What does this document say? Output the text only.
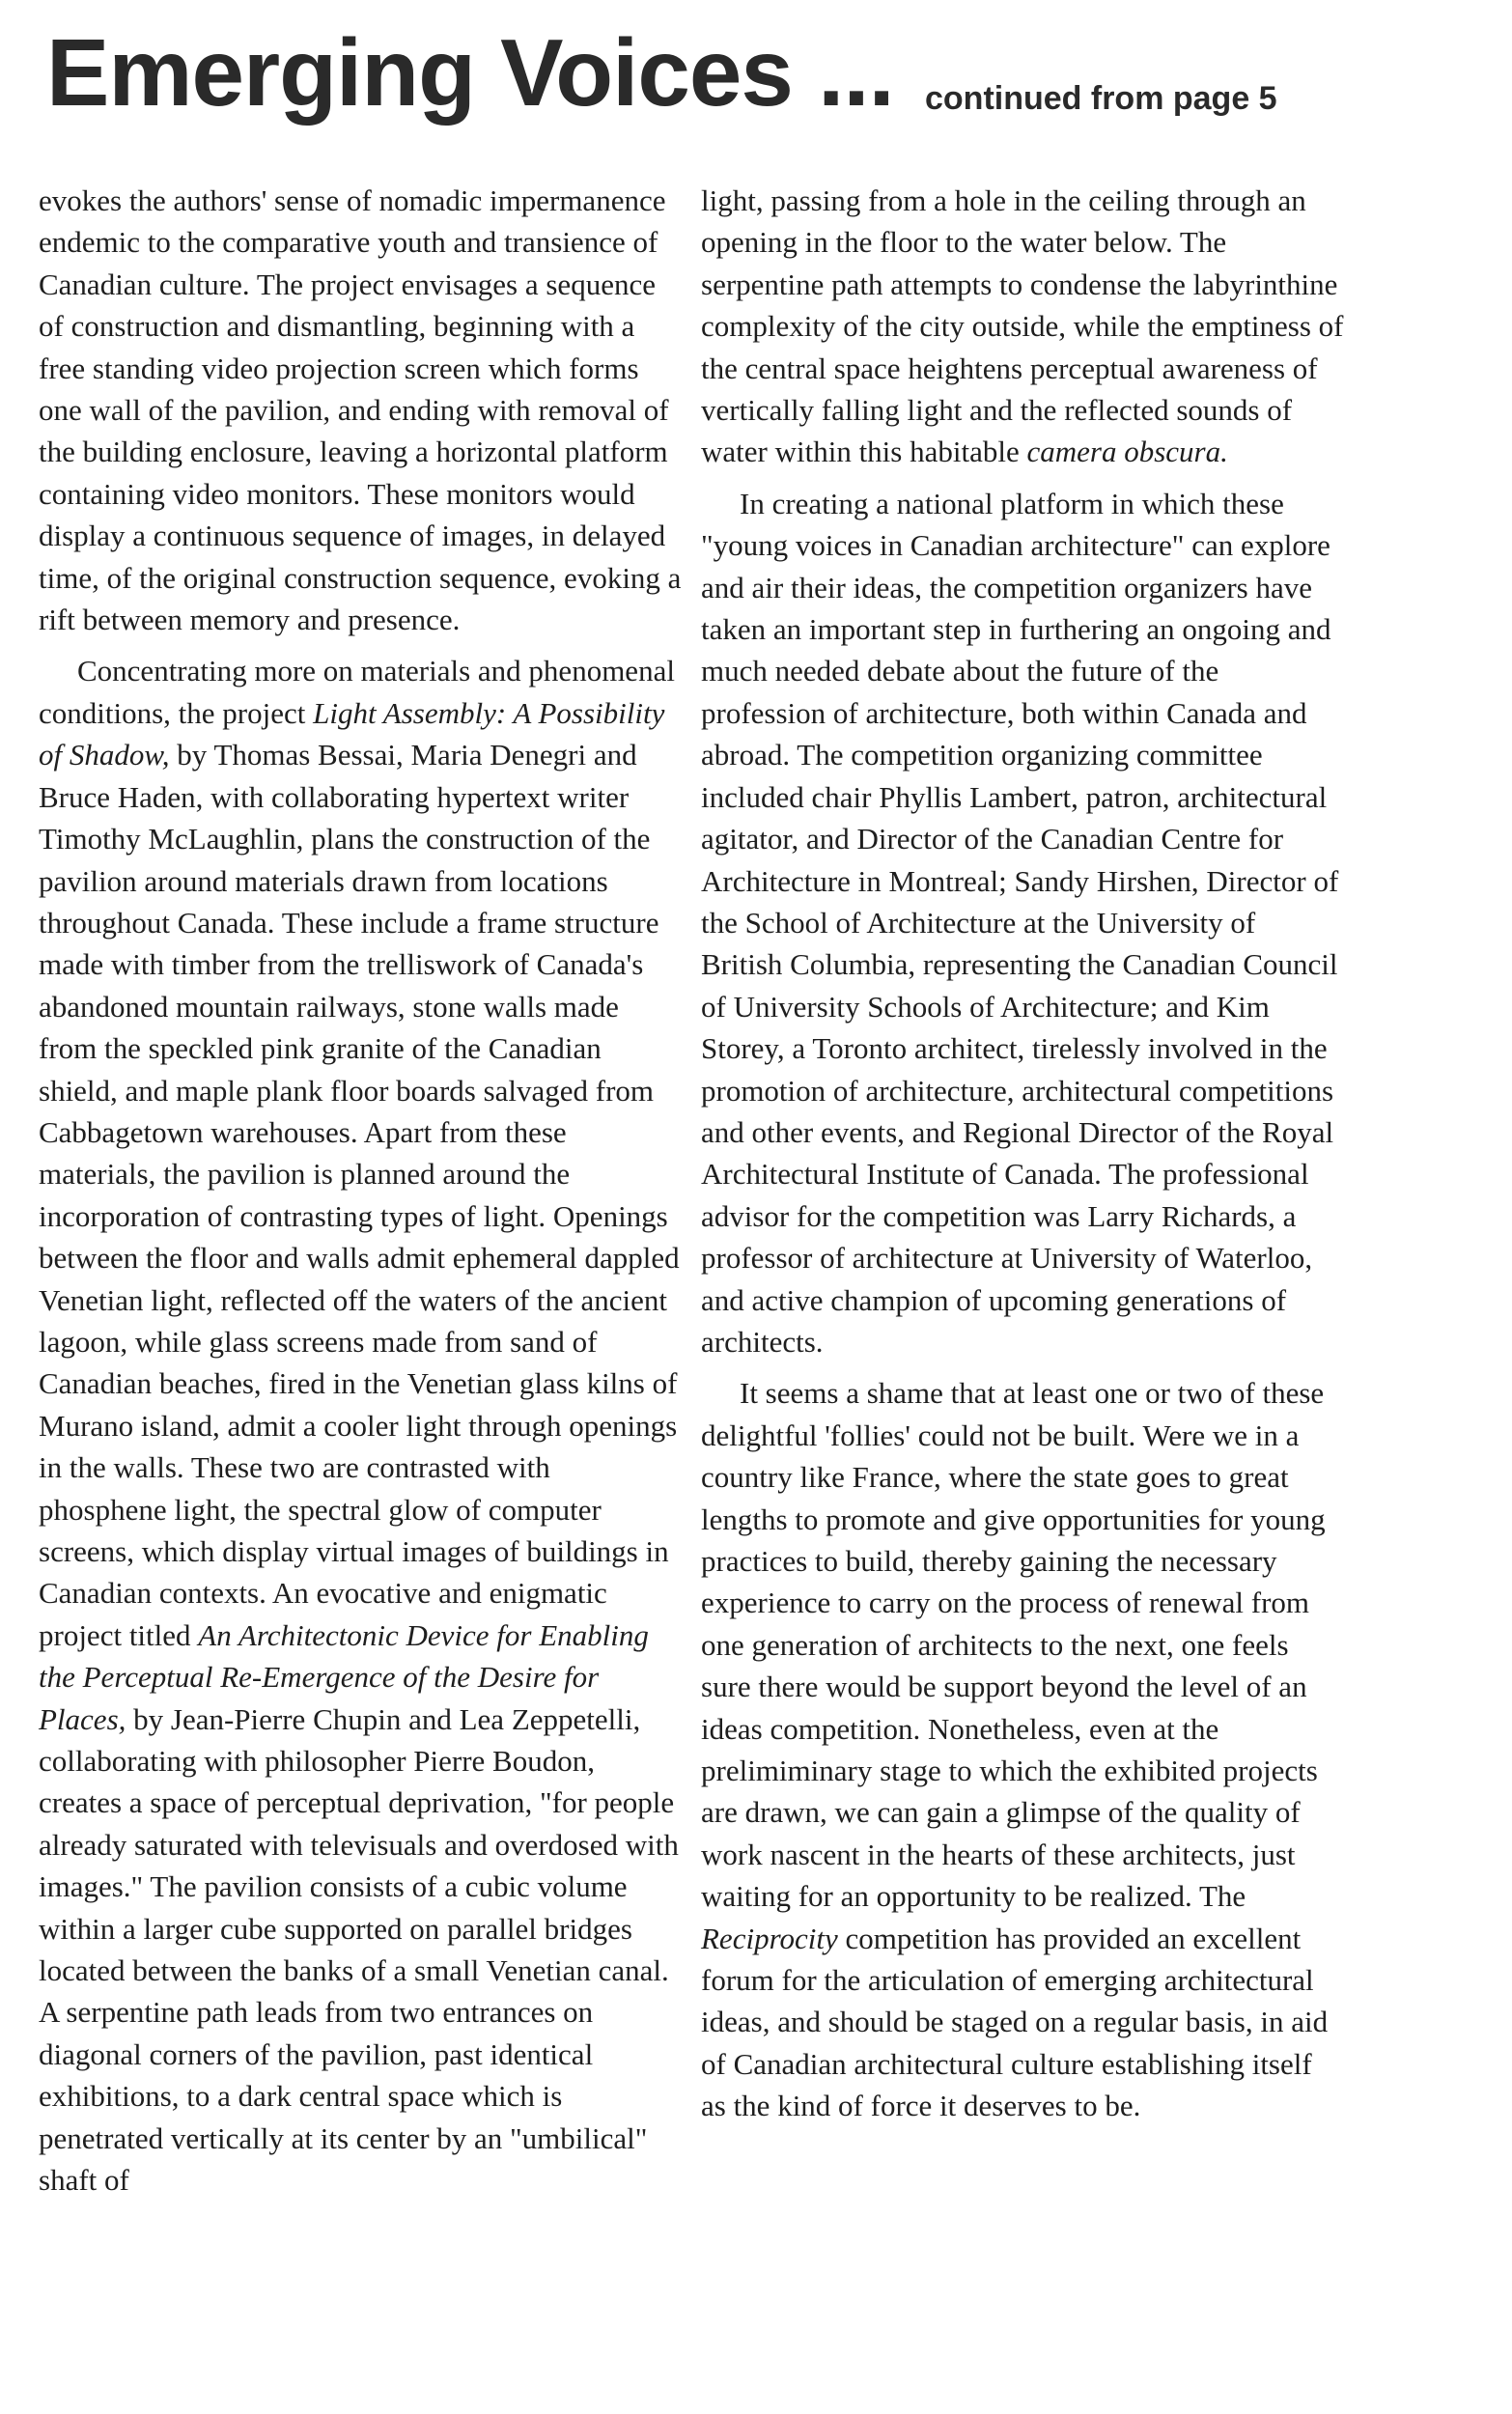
Emerging Voices ... continued from page 5

evokes the authors' sense of nomadic impermanence endemic to the comparative youth and transience of Canadian culture. The project envisages a sequence of construction and dismantling, beginning with a free standing video projection screen which forms one wall of the pavilion, and ending with removal of the building enclosure, leaving a horizontal platform containing video monitors. These monitors would display a continuous sequence of images, in delayed time, of the original construction sequence, evoking a rift between memory and presence.

Concentrating more on materials and phenomenal conditions, the project Light Assembly: A Possibility of Shadow, by Thomas Bessai, Maria Denegri and Bruce Haden, with collaborating hypertext writer Timothy McLaughlin, plans the construction of the pavilion around materials drawn from locations throughout Canada. These include a frame structure made with timber from the trelliswork of Canada's abandoned mountain railways, stone walls made from the speckled pink granite of the Canadian shield, and maple plank floor boards salvaged from Cabbagetown warehouses. Apart from these materials, the pavilion is planned around the incorporation of contrasting types of light. Openings between the floor and walls admit ephemeral dappled Venetian light, reflected off the waters of the ancient lagoon, while glass screens made from sand of Canadian beaches, fired in the Venetian glass kilns of Murano island, admit a cooler light through openings in the walls. These two are contrasted with phosphene light, the spectral glow of computer screens, which display virtual images of buildings in Canadian contexts. An evocative and enigmatic project titled An Architectonic Device for Enabling the Perceptual Re-Emergence of the Desire for Places, by Jean-Pierre Chupin and Lea Zeppetelli, collaborating with philosopher Pierre Boudon, creates a space of perceptual deprivation, "for people already saturated with televisuals and overdosed with images." The pavilion consists of a cubic volume within a larger cube supported on parallel bridges located between the banks of a small Venetian canal. A serpentine path leads from two entrances on diagonal corners of the pavilion, past identical exhibitions, to a dark central space which is penetrated vertically at its center by an "umbilical" shaft of

light, passing from a hole in the ceiling through an opening in the floor to the water below. The serpentine path attempts to condense the labyrinthine complexity of the city outside, while the emptiness of the central space heightens perceptual awareness of vertically falling light and the reflected sounds of water within this habitable camera obscura.

In creating a national platform in which these "young voices in Canadian architecture" can explore and air their ideas, the competition organizers have taken an important step in furthering an ongoing and much needed debate about the future of the profession of architecture, both within Canada and abroad. The competition organizing committee included chair Phyllis Lambert, patron, architectural agitator, and Director of the Canadian Centre for Architecture in Montreal; Sandy Hirshen, Director of the School of Architecture at the University of British Columbia, representing the Canadian Council of University Schools of Architecture; and Kim Storey, a Toronto architect, tirelessly involved in the promotion of architecture, architectural competitions and other events, and Regional Director of the Royal Architectural Institute of Canada. The professional advisor for the competition was Larry Richards, a professor of architecture at University of Waterloo, and active champion of upcoming generations of architects.

It seems a shame that at least one or two of these delightful 'follies' could not be built. Were we in a country like France, where the state goes to great lengths to promote and give opportunities for young practices to build, thereby gaining the necessary experience to carry on the process of renewal from one generation of architects to the next, one feels sure there would be support beyond the level of an ideas competition. Nonetheless, even at the prelimiminary stage to which the exhibited projects are drawn, we can gain a glimpse of the quality of work nascent in the hearts of these architects, just waiting for an opportunity to be realized. The Reciprocity competition has provided an excellent forum for the articulation of emerging architectural ideas, and should be staged on a regular basis, in aid of Canadian architectural culture establishing itself as the kind of force it deserves to be.
